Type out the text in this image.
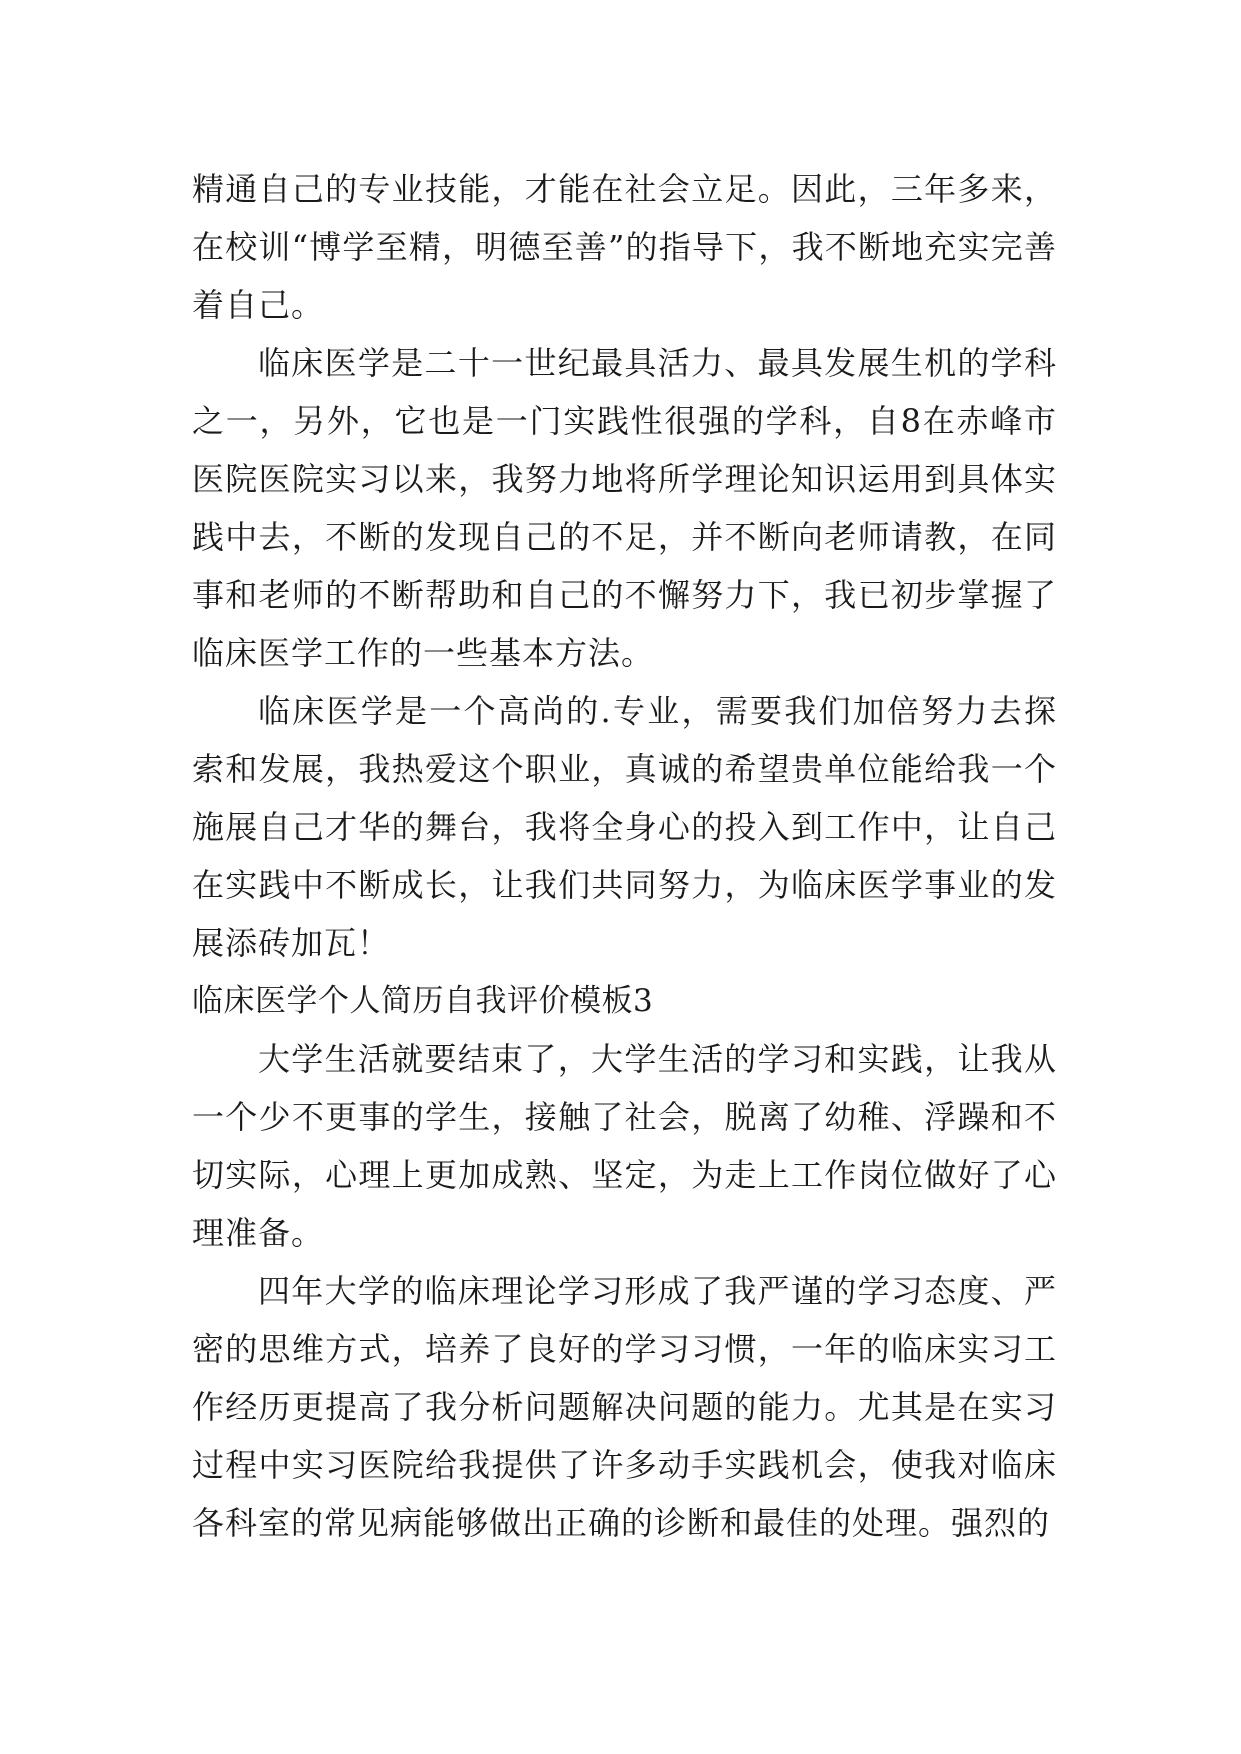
精通自己的专业技能，才能在社会立足。因此，三年多来，在校训“博学至精，明德至善”的指导下，我不断地充实完善着自己。

临床医学是二十一世纪最具活力、最具发展生机的学科之一，另外，它也是一门实践性很强的学科，自8在赤峰市医院医院实习以来，我努力地将所学理论知识运用到具体实践中去，不断的发现自己的不足，并不断向老师请教，在同事和老师的不断帮助和自己的不懈努力下，我已初步掌握了临床医学工作的一些基本方法。

临床医学是一个高尚的.专业，需要我们加倍努力去探索和发展，我热爱这个职业，真诚的希望贵单位能给我一个施展自己才华的舞台，我将全身心的投入到工作中，让自己在实践中不断成长，让我们共同努力，为临床医学事业的发展添砖加瓦！

临床医学个人简历自我评价模板3

大学生活就要结束了，大学生活的学习和实践，让我从一个少不更事的学生，接触了社会，脱离了幼稚、浮躁和不切实际，心理上更加成熟、坚定，为走上工作岗位做好了心理准备。

四年大学的临床理论学习形成了我严谨的学习态度、严密的思维方式，培养了良好的学习习惯，一年的临床实习工作经历更提高了我分析问题解决问题的能力。尤其是在实习过程中实习医院给我提供了许多动手实践机会，使我对临床各科室的常见病能够做出正确的诊断和最佳的处理。强烈的
